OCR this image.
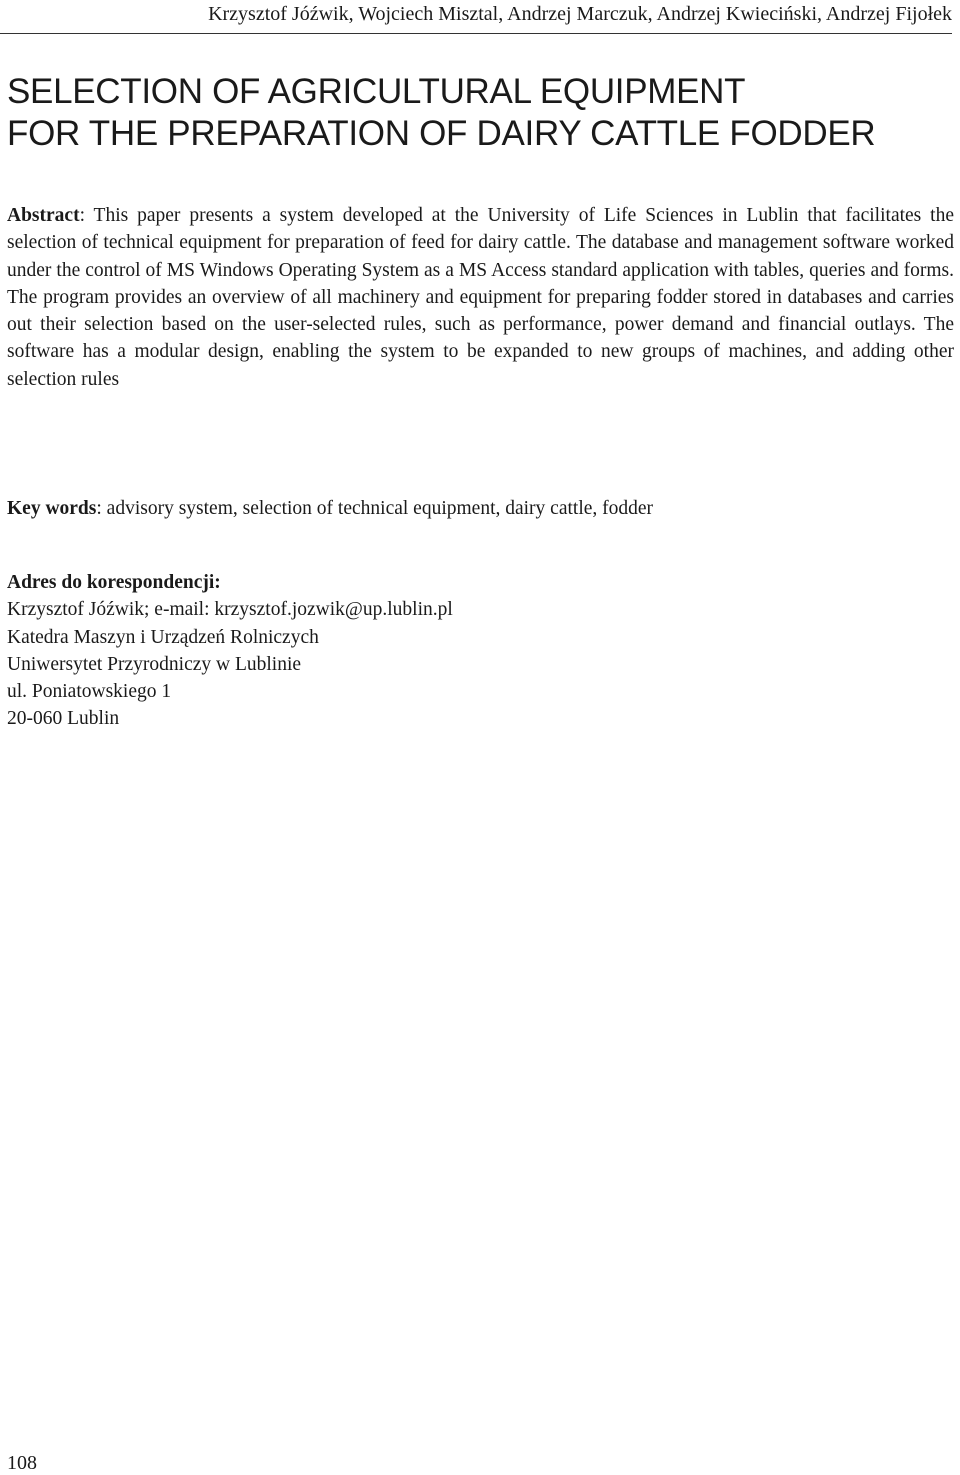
Krzysztof Jóźwik, Wojciech Misztal, Andrzej Marczuk, Andrzej Kwieciński, Andrzej Fijołek
SELECTION OF AGRICULTURAL EQUIPMENT
FOR THE PREPARATION OF DAIRY CATTLE FODDER

Abstract: This paper presents a system developed at the University of Life Sciences in Lublin that facilitates the selection of technical equipment for preparation of feed for dairy cattle. The database and management software worked under the control of MS Windows Operating System as a MS Access standard application with tables, queries and forms. The program provides an overview of all machinery and equipment for preparing fodder stored in databases and carries out their selection based on the user-selected rules, such as performance, power demand and financial outlays. The software has a modular design, enabling the system to be expanded to new groups of machines, and adding other selection rules

Key words: advisory system, selection of technical equipment, dairy cattle, fodder

Adres do korespondencji:
Krzysztof Jóźwik; e-mail: krzysztof.jozwik@up.lublin.pl
Katedra Maszyn i Urządzeń Rolniczych
Uniwersytet Przyrodniczy w Lublinie
ul. Poniatowskiego 1
20-060 Lublin
108
